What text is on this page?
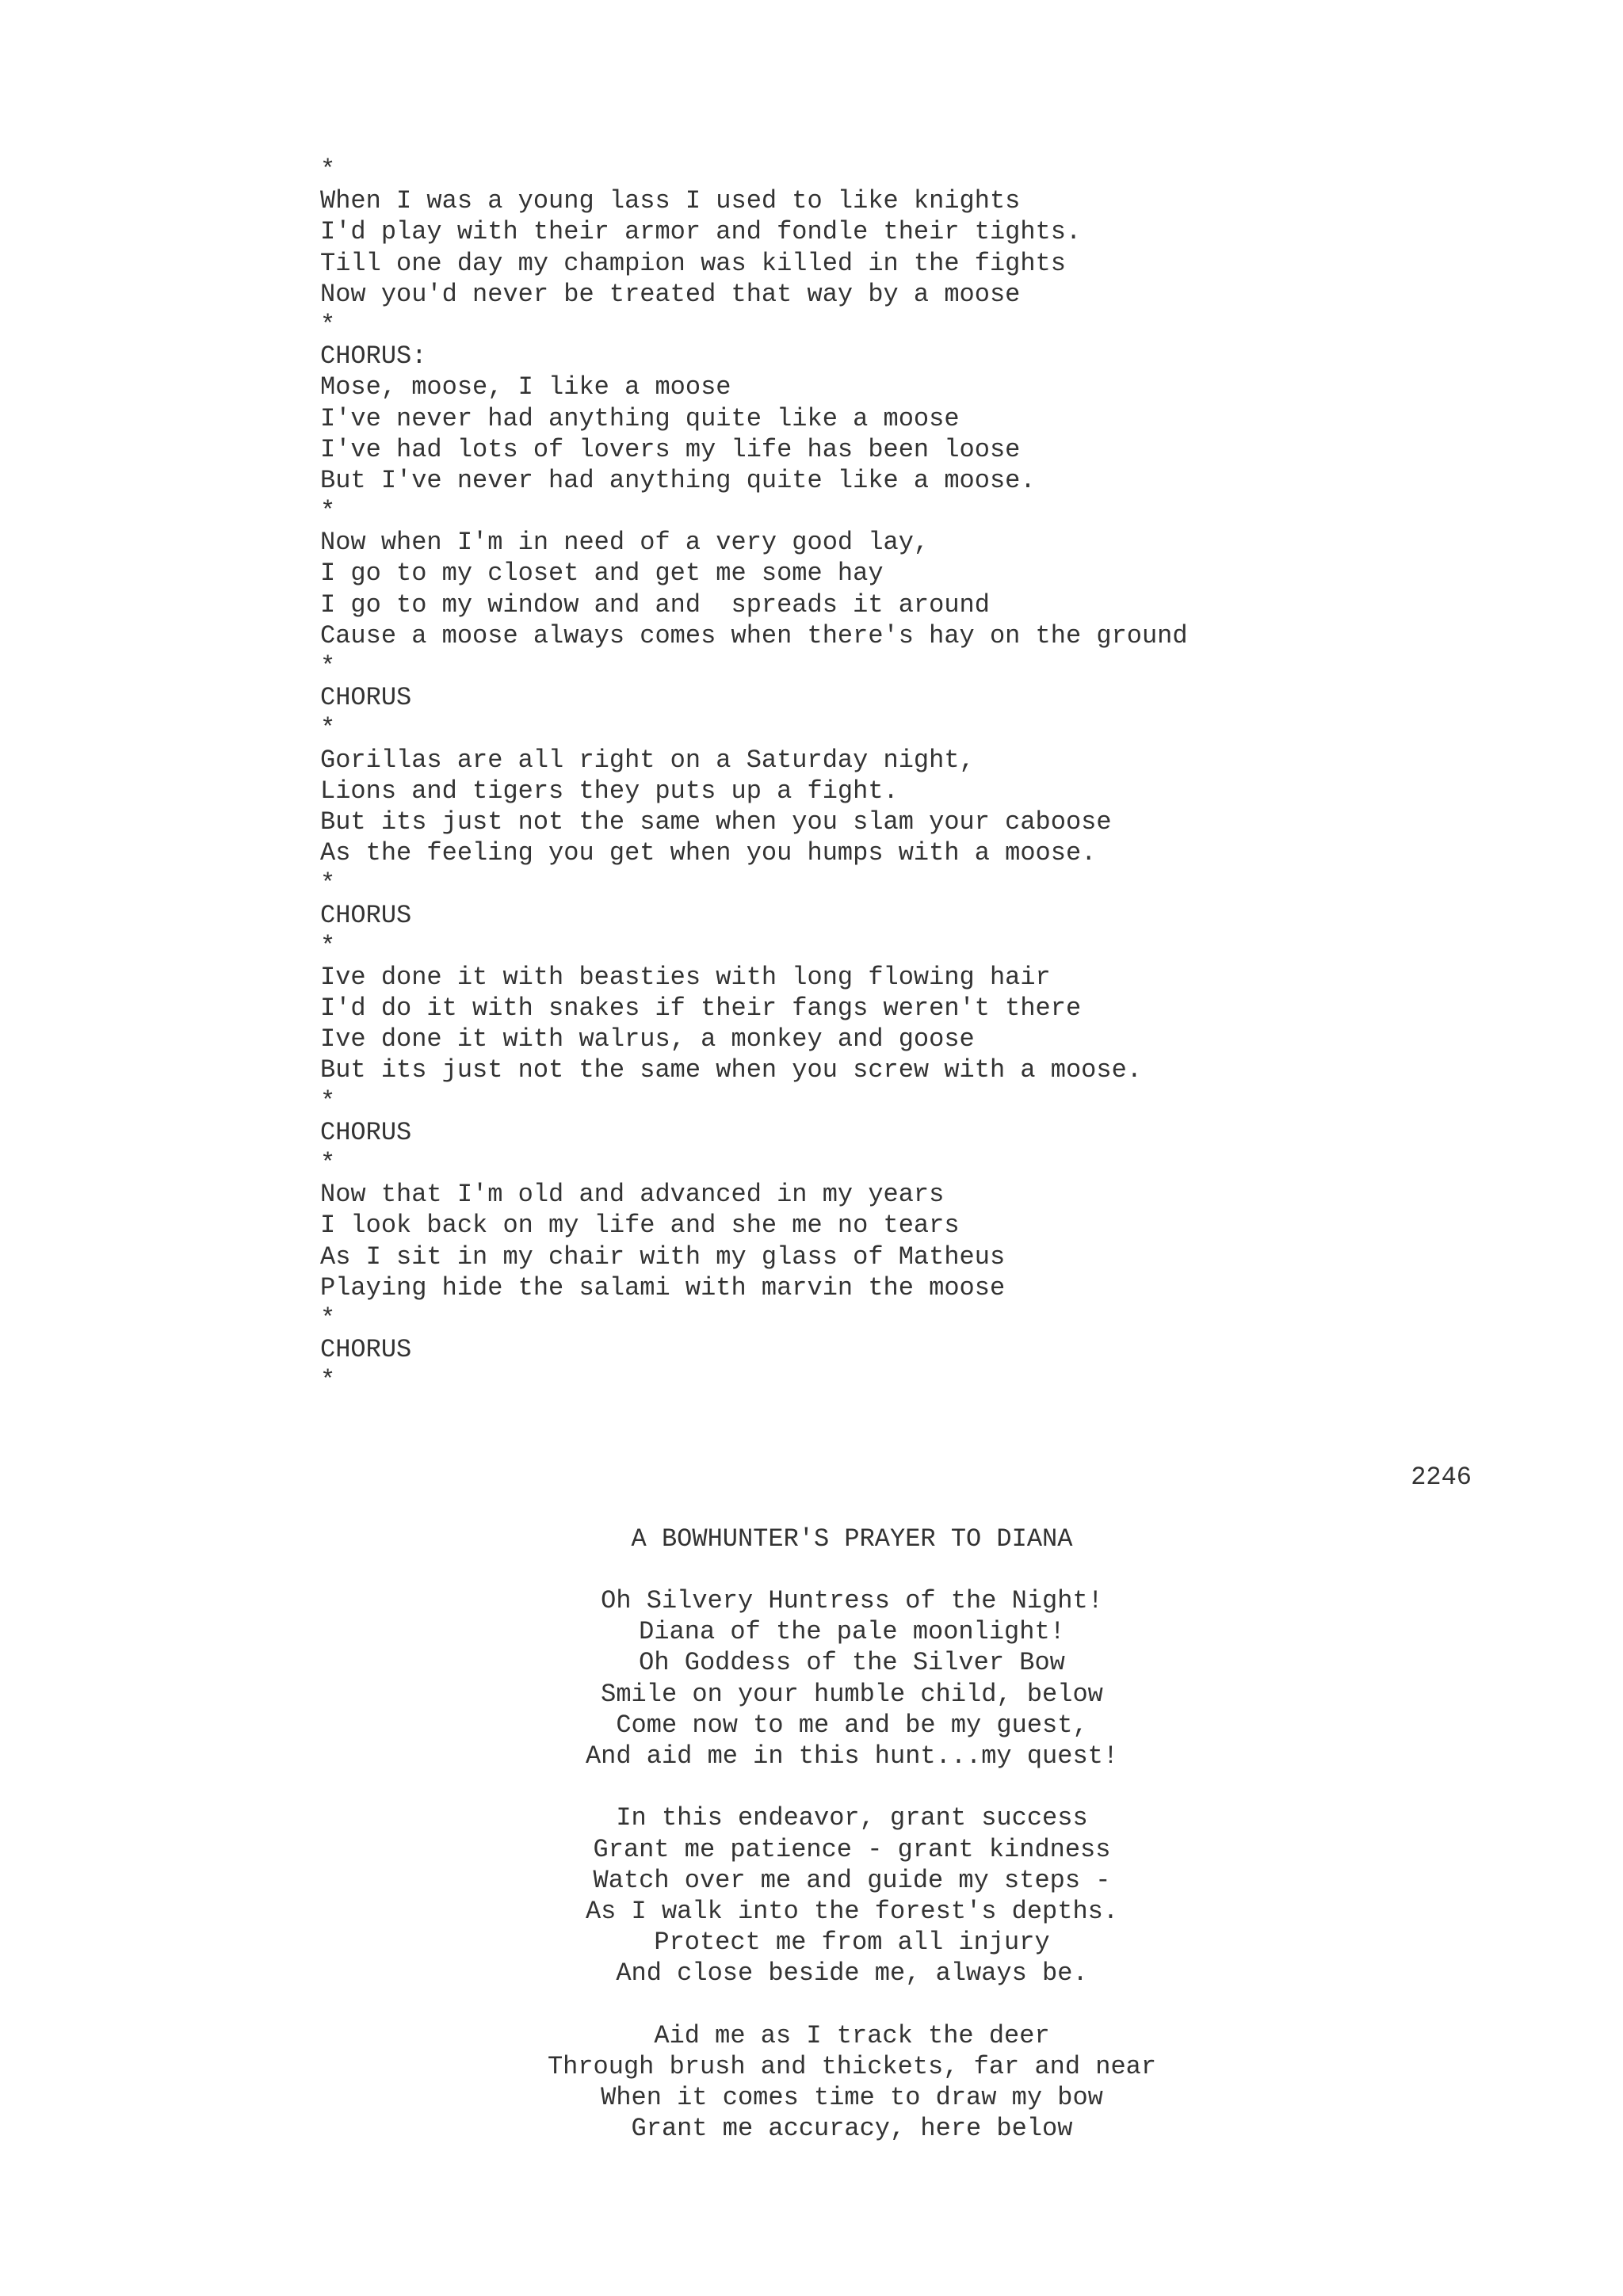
*
When I was a young lass I used to like knights
I'd play with their armor and fondle their tights.
Till one day my champion was killed in the fights
Now you'd never be treated that way by a moose
*
CHORUS:
Mose, moose, I like a moose
I've never had anything quite like a moose
I've had lots of lovers my life has been loose
But I've never had anything quite like a moose.
*
Now when I'm in need of a very good lay,
I go to my closet and get me some hay
I go to my window and and  spreads it around
Cause a moose always comes when there's hay on the ground
*
CHORUS
*
Gorillas are all right on a Saturday night,
Lions and tigers they puts up a fight.
But its just not the same when you slam your caboose
As the feeling you get when you humps with a moose.
*
CHORUS
*
Ive done it with beasties with long flowing hair
I'd do it with snakes if their fangs weren't there
Ive done it with walrus, a monkey and goose
But its just not the same when you screw with a moose.
*
CHORUS
*
Now that I'm old and advanced in my years
I look back on my life and she me no tears
As I sit in my chair with my glass of Matheus
Playing hide the salami with marvin the moose
*
CHORUS
*
2246
A BOWHUNTER'S PRAYER TO DIANA
Oh Silvery Huntress of the Night!
Diana of the pale moonlight!
Oh Goddess of the Silver Bow
Smile on your humble child, below
Come now to me and be my guest,
And aid me in this hunt...my quest!
In this endeavor, grant success
Grant me patience - grant kindness
Watch over me and guide my steps -
As I walk into the forest's depths.
Protect me from all injury
And close beside me, always be.
Aid me as I track the deer
Through brush and thickets, far and near
When it comes time to draw my bow
Grant me accuracy, here below
